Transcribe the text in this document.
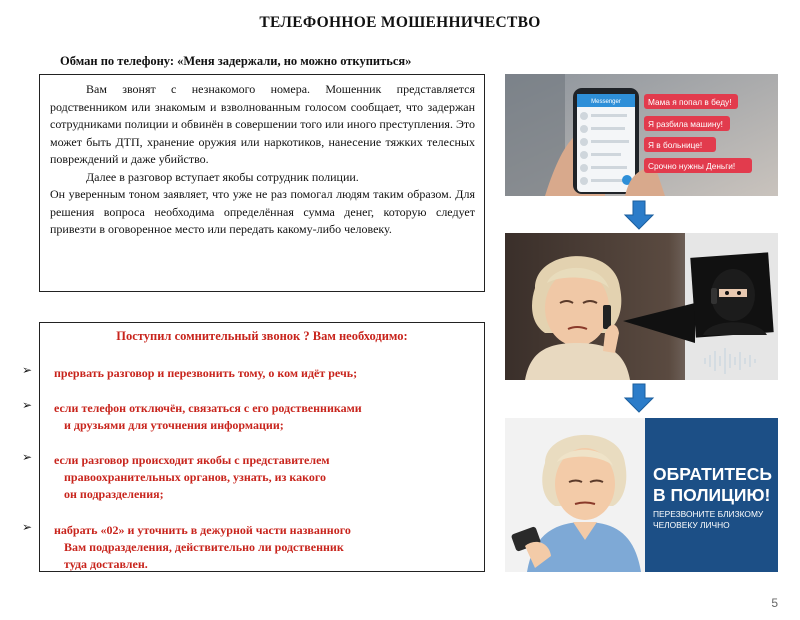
ТЕЛЕФОННОЕ МОШЕННИЧЕСТВО
Обман по телефону: «Меня задержали, но можно откупиться»

Вам звонят с незнакомого номера. Мошенник представляется родственником или знакомым и взволнованным голосом сообщает, что задержан сотрудниками полиции и обвинён в совершении того или иного преступления. Это может быть ДТП, хранение оружия или наркотиков, нанесение тяжких телесных повреждений и даже убийство.

Далее в разговор вступает якобы сотрудник полиции.

Он уверенным тоном заявляет, что уже не раз помогал людям таким образом. Для решения вопроса необходима определённая сумма денег, которую следует привезти в оговоренное место или передать какому-либо человеку.

Поступил сомнительный звонок ? Вам необходимо:
прервать разговор и перезвонить тому, о ком идёт речь;
если телефон отключён, связаться с его родственниками
и друзьями для уточнения информации;
если разговор происходит якобы с представителем
правоохранительных органов, узнать, из какого
он подразделения;
набрать «02» и уточнить в дежурной части названного
Вам подразделения, действительно ли родственник
туда доставлен.
➢
➢
➢
➢
Messenger	Мама я попал в беду!
Я разбила машину!
Я в больнице!
Срочно нужны Деньги!
ОБРАТИТЕСЬ
В ПОЛИЦИЮ!
ПЕРЕЗВОНИТЕ БЛИЗКОМУ
ЧЕЛОВЕКУ ЛИЧНО
5
